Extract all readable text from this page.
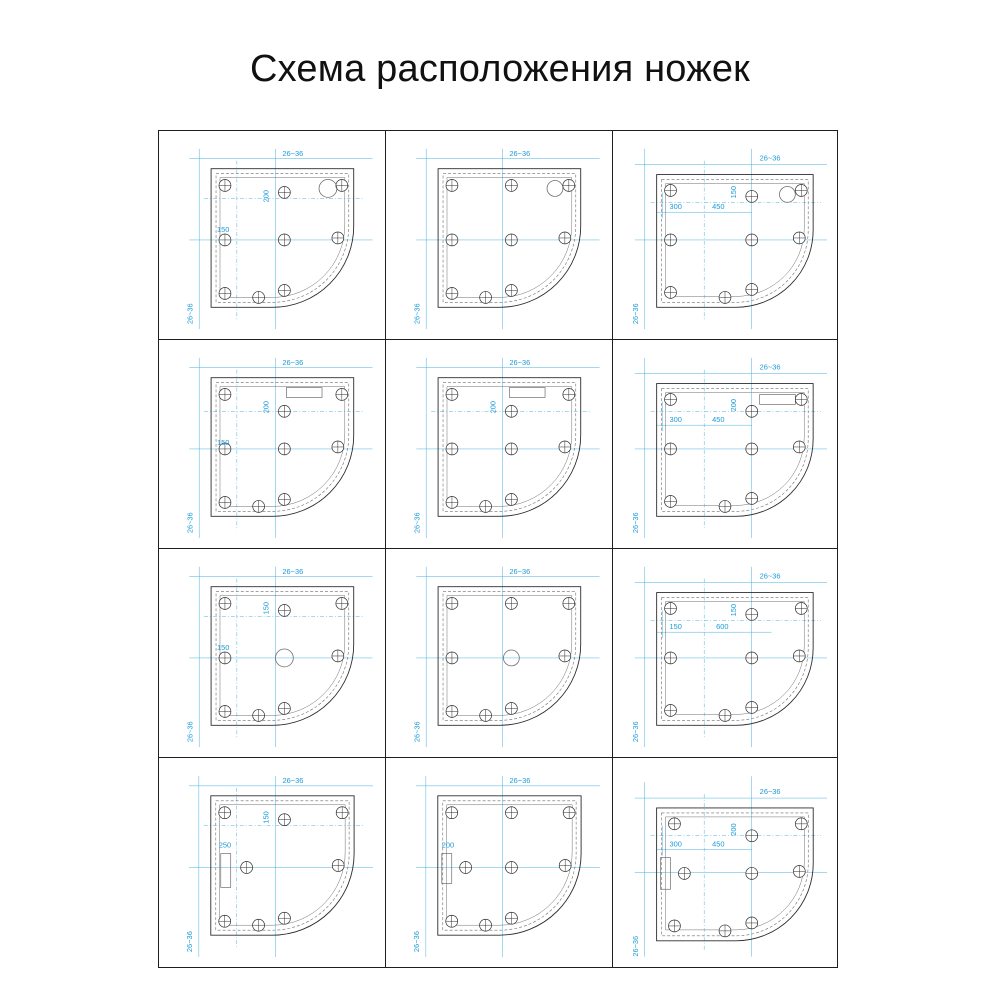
Схема расположения ножек
26~36
26~36
200
150
26~36
26~36
26~36
26~36
150
300	450
26~36
26~36
200
150
26~36
26~36
200
26~36
26~36
200
300	450
26~36
26~36
150
150
26~36
26~36
26~36
26~36
150
150	600
26~36
26~36
150
250
26~36
26~36
200
26~36
26~36
200
300	450
